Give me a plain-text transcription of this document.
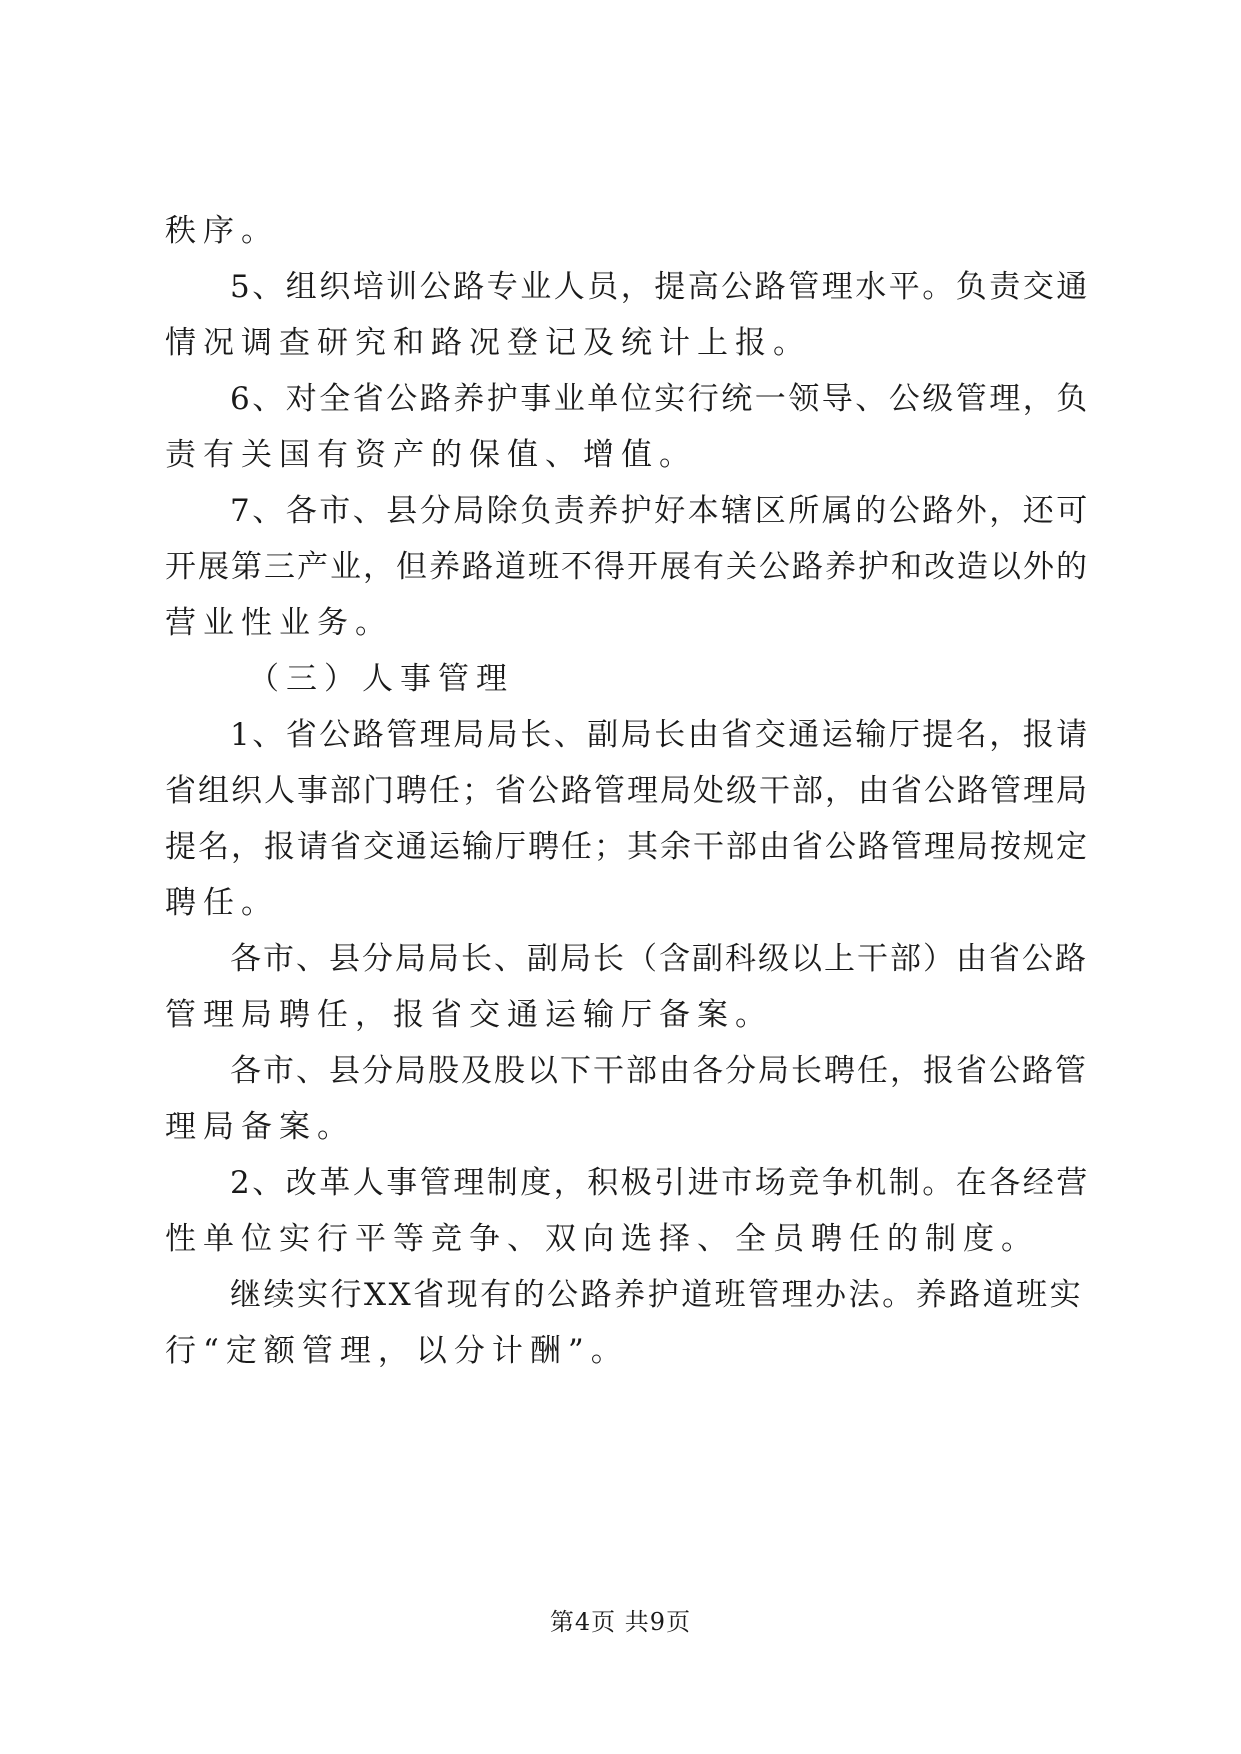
秩序。
5、组织培训公路专业人员，提高公路管理水平。负责交通
情况调查研究和路况登记及统计上报。
6、对全省公路养护事业单位实行统一领导、公级管理，负
责有关国有资产的保值、增值。
7、各市、县分局除负责养护好本辖区所属的公路外，还可
开展第三产业，但养路道班不得开展有关公路养护和改造以外的
营业性业务。
（三）人事管理
1、省公路管理局局长、副局长由省交通运输厅提名，报请
省组织人事部门聘任；省公路管理局处级干部，由省公路管理局
提名，报请省交通运输厅聘任；其余干部由省公路管理局按规定
聘任。
各市、县分局局长、副局长（含副科级以上干部）由省公路
管理局聘任，报省交通运输厅备案。
各市、县分局股及股以下干部由各分局长聘任，报省公路管
理局备案。
2、改革人事管理制度，积极引进市场竞争机制。在各经营
性单位实行平等竞争、双向选择、全员聘任的制度。
继续实行XX省现有的公路养护道班管理办法。养路道班实
行“定额管理，以分计酬”。
第4页 共9页
